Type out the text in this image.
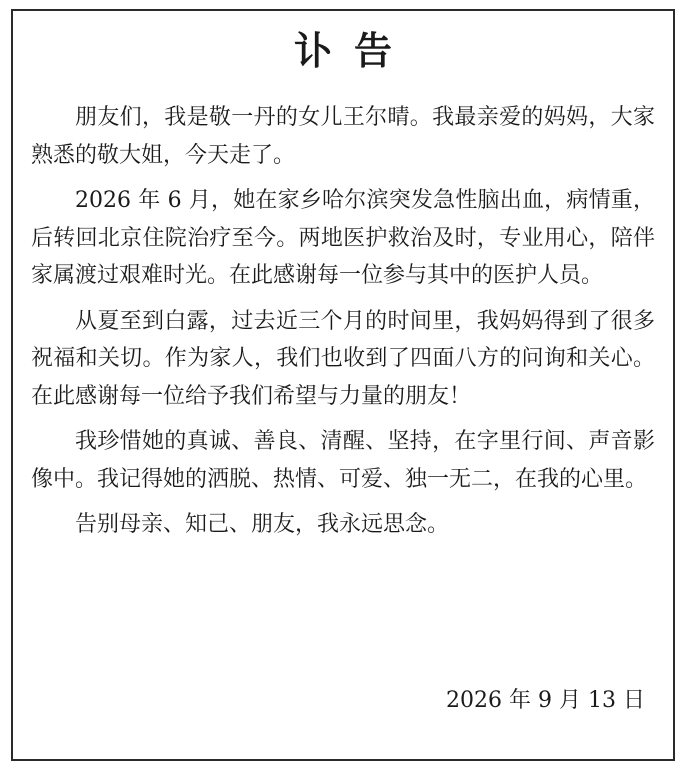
讣告

朋友们，我是敬一丹的女儿王尔晴。我最亲爱的妈妈，大家熟悉的敬大姐，今天走了。

2026 年 6 月，她在家乡哈尔滨突发急性脑出血，病情重，后转回北京住院治疗至今。两地医护救治及时，专业用心，陪伴家属渡过艰难时光。在此感谢每一位参与其中的医护人员。

从夏至到白露，过去近三个月的时间里，我妈妈得到了很多祝福和关切。作为家人，我们也收到了四面八方的问询和关心。在此感谢每一位给予我们希望与力量的朋友！

我珍惜她的真诚、善良、清醒、坚持，在字里行间、声音影像中。我记得她的洒脱、热情、可爱、独一无二，在我的心里。

告别母亲、知己、朋友，我永远思念。

2026 年 9 月 13 日
